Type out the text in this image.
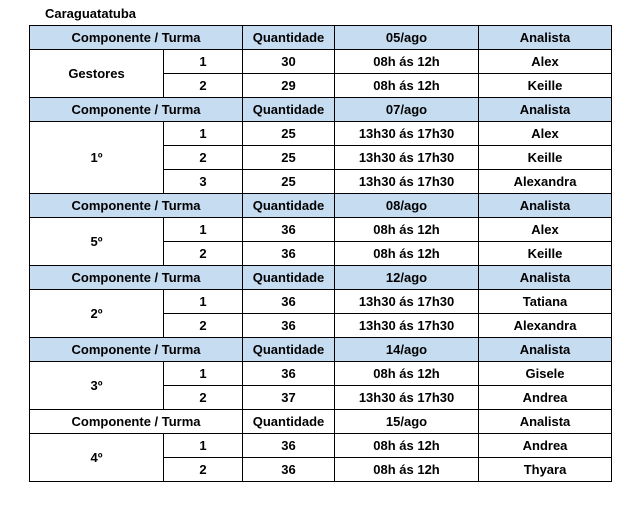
Caraguatatuba
Componente / Turma		Quantidade	05/ago	Analista
Gestores	1	30	08h ás 12h	Alex
	2	29	08h ás 12h	Keille
Componente / Turma		Quantidade	07/ago	Analista
1º	1	25	13h30 ás 17h30	Alex
	2	25	13h30 ás 17h30	Keille
	3	25	13h30 ás 17h30	Alexandra
Componente / Turma		Quantidade	08/ago	Analista
5º	1	36	08h ás 12h	Alex
	2	36	08h ás 12h	Keille
Componente / Turma		Quantidade	12/ago	Analista
2º	1	36	13h30 ás 17h30	Tatiana
	2	36	13h30 ás 17h30	Alexandra
Componente / Turma		Quantidade	14/ago	Analista
3º	1	36	08h ás 12h	Gisele
	2	37	13h30 ás 17h30	Andrea
Componente / Turma		Quantidade	15/ago	Analista
4º	1	36	08h ás 12h	Andrea
	2	36	08h ás 12h	Thyara
